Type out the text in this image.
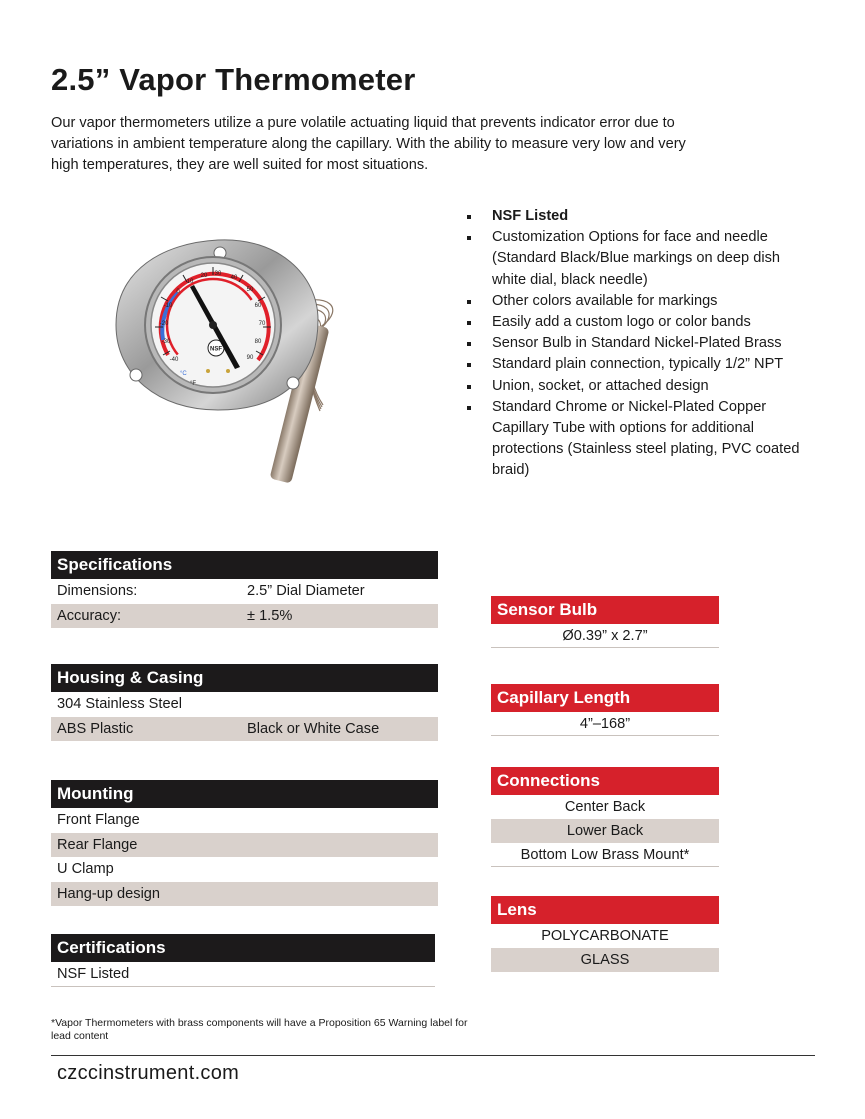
2.5” Vapor Thermometer
Our vapor thermometers utilize a pure volatile actuating liquid that prevents indicator error due to variations in ambient temperature along the capillary. With the ability to measure very low and very high temperatures, they are well suited for most situations.
-40
-30
-20
-10
0
10
20 30
40
50
60
70
80
90
NSF
°C
°F
NSF Listed
Customization Options for face and needle (Standard Black/Blue markings on deep dish white dial, black needle)
Other colors available for markings
Easily add a custom logo or color bands
Sensor Bulb in Standard Nickel-Plated Brass
Standard plain connection, typically 1/2” NPT
Union, socket, or attached design
Standard Chrome or Nickel-Plated Copper Capillary Tube with options for additional protections (Stainless steel plating, PVC coated braid)
Specifications
Dimensions:	2.5” Dial Diameter
Accuracy:	± 1.5%
Housing & Casing
304 Stainless Steel
ABS Plastic	Black or White Case
Mounting
Front Flange
Rear Flange
U Clamp
Hang-up design
Certifications
NSF Listed
Sensor Bulb
Ø0.39” x 2.7”
Capillary Length
4”–168”
Connections
Center Back
Lower Back
Bottom Low Brass Mount*
Lens
POLYCARBONATE
GLASS
*Vapor Thermometers with brass components will have a Proposition 65 Warning label for lead content
czccinstrument.com
